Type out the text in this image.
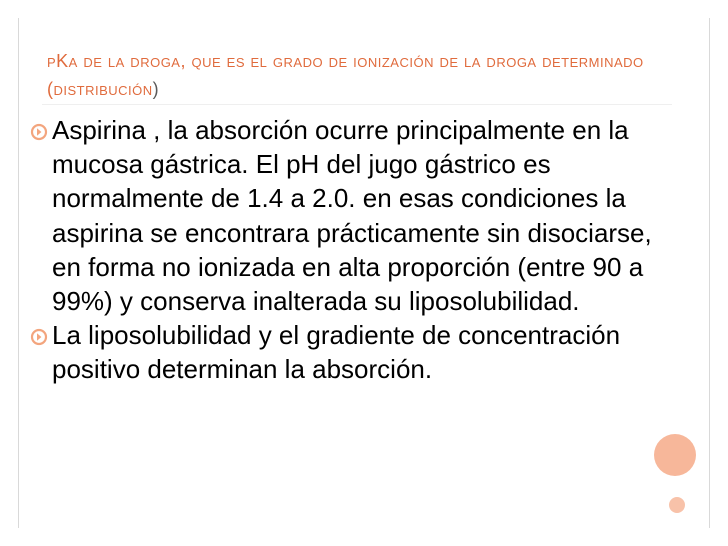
pKa de la droga, que es el grado de ionización de la droga determinado (distribución)
Aspirina , la absorción ocurre principalmente en la mucosa gástrica. El pH del jugo gástrico es normalmente de 1.4 a 2.0. en esas condiciones la aspirina se encontrara prácticamente sin disociarse, en forma no ionizada en alta proporción (entre 90 a 99%) y conserva inalterada su liposolubilidad.
La liposolubilidad y el gradiente de concentración positivo determinan la absorción.
